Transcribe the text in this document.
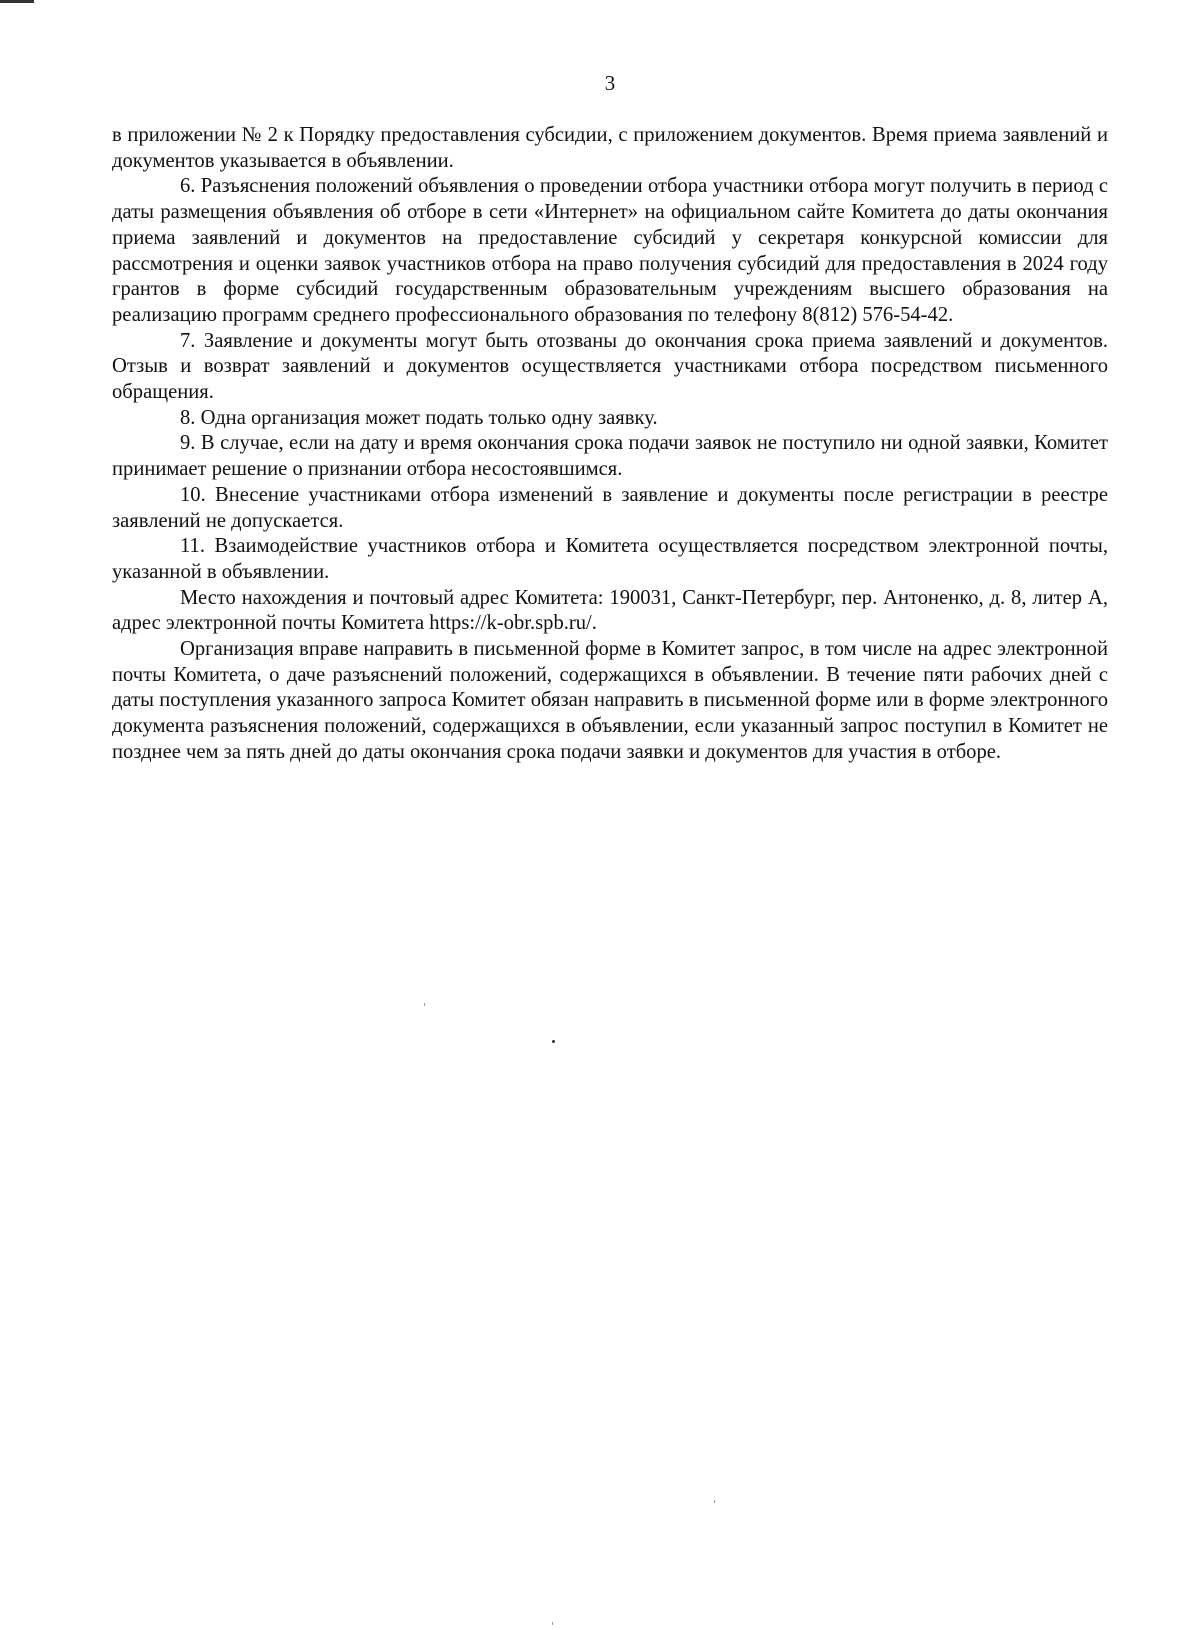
3

в приложении № 2 к Порядку предоставления субсидии, с приложением документов. Время приема заявлений и документов указывается в объявлении.

6. Разъяснения положений объявления о проведении отбора участники отбора могут получить в период с даты размещения объявления об отборе в сети «Интернет» на официальном сайте Комитета до даты окончания приема заявлений и документов на предоставление субсидий у секретаря конкурсной комиссии для рассмотрения и оценки заявок участников отбора на право получения субсидий для предоставления в 2024 году грантов в форме субсидий государственным образовательным учреждениям высшего образования на реализацию программ среднего профессионального образования по телефону 8(812) 576-54-42.

7. Заявление и документы могут быть отозваны до окончания срока приема заявлений и документов. Отзыв и возврат заявлений и документов осуществляется участниками отбора посредством письменного обращения.

8. Одна организация может подать только одну заявку.

9. В случае, если на дату и время окончания срока подачи заявок не поступило ни одной заявки, Комитет принимает решение о признании отбора несостоявшимся.

10. Внесение участниками отбора изменений в заявление и документы после регистрации в реестре заявлений не допускается.

11. Взаимодействие участников отбора и Комитета осуществляется посредством электронной почты, указанной в объявлении.

Место нахождения и почтовый адрес Комитета: 190031, Санкт-Петербург, пер. Антоненко, д. 8, литер А, адрес электронной почты Комитета https://k-obr.spb.ru/.

Организация вправе направить в письменной форме в Комитет запрос, в том числе на адрес электронной почты Комитета, о даче разъяснений положений, содержащихся в объявлении. В течение пяти рабочих дней с даты поступления указанного запроса Комитет обязан направить в письменной форме или в форме электронного документа разъяснения положений, содержащихся в объявлении, если указанный запрос поступил в Комитет не позднее чем за пять дней до даты окончания срока подачи заявки и документов для участия в отборе.
